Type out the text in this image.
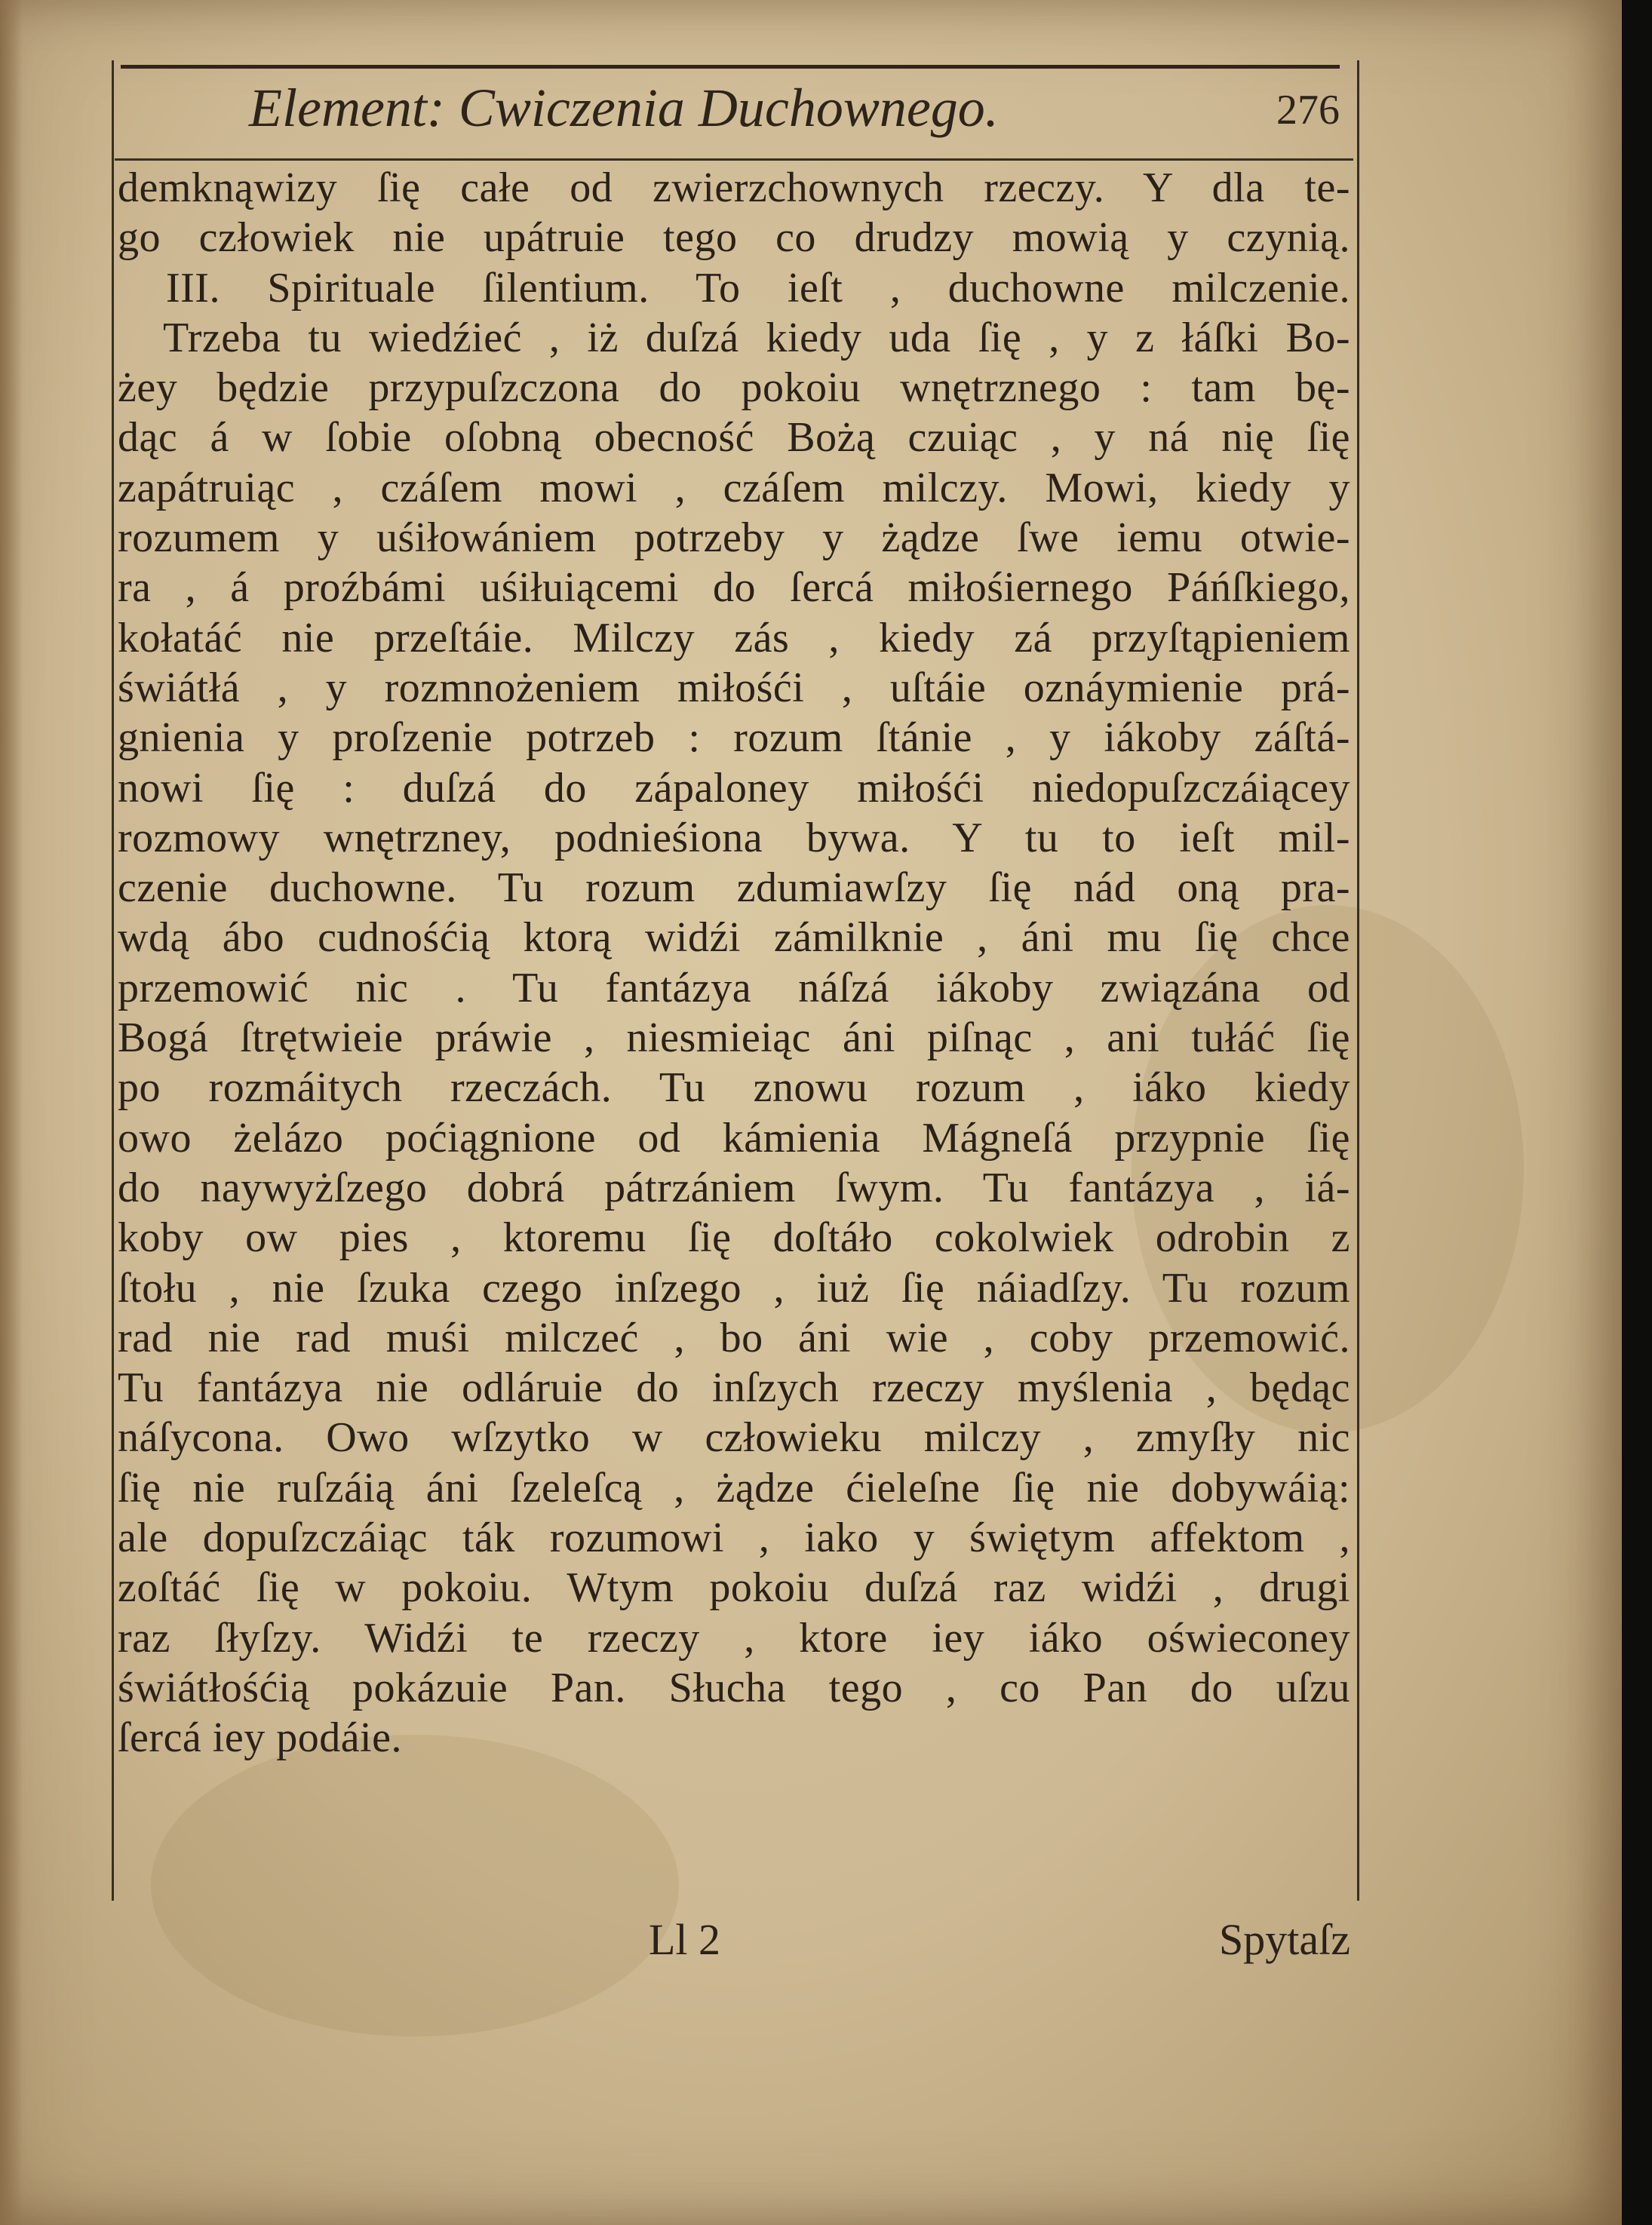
Element: Cwiczenia Duchownego.	276
demknąwizy ſię całe od zwierzchownych rzeczy. Y dla te-
go człowiek nie upátruie tego co drudzy mowią y czynią.
III. Spirituale ſilentium. To ieſt , duchowne milczenie.
Trzeba tu wiedźieć , iż duſzá kiedy uda ſię , y z łáſki Bo-
żey będzie przypuſzczona do pokoiu wnętrznego : tam bę-
dąc á w ſobie oſobną obecność Bożą czuiąc , y ná nię ſię
zapátruiąc , czáſem mowi , czáſem milczy. Mowi, kiedy y
rozumem y uśiłowániem potrzeby y żądze ſwe iemu otwie-
ra , á proźbámi uśiłuiącemi do ſercá miłośiernego Páńſkiego,
kołatáć nie przeſtáie. Milczy zás , kiedy zá przyſtąpieniem
świátłá , y rozmnożeniem miłośći , uſtáie oznáymienie prá-
gnienia y proſzenie potrzeb : rozum ſtánie , y iákoby záſtá-
nowi ſię : duſzá do zápaloney miłośći niedopuſzczáiącey
rozmowy wnętrzney, podnieśiona bywa. Y tu to ieſt mil-
czenie duchowne. Tu rozum zdumiawſzy ſię nád oną pra-
wdą ábo cudnośćią ktorą widźi zámilknie , áni mu ſię chce
przemowić nic . Tu fantázya náſzá iákoby związána od
Bogá ſtrętwieie práwie , niesmieiąc áni piſnąc , ani tułáć ſię
po rozmáitych rzeczách. Tu znowu rozum , iáko kiedy
owo żelázo poćiągnione od kámienia Mágneſá przypnie ſię
do naywyżſzego dobrá pátrzániem ſwym. Tu fantázya , iá-
koby ow pies , ktoremu ſię doſtáło cokolwiek odrobin z
ſtołu , nie ſzuka czego inſzego , iuż ſię náiadſzy. Tu rozum
rad nie rad muśi milczeć , bo áni wie , coby przemowić.
Tu fantázya nie odláruie do inſzych rzeczy myślenia , będąc
náſycona. Owo wſzytko w człowieku milczy , zmyſły nic
ſię nie ruſzáią áni ſzeleſcą , żądze ćieleſne ſię nie dobywáią:
ale dopuſzczáiąc ták rozumowi , iako y świętym affektom ,
zoſtáć ſię w pokoiu. Wtym pokoiu duſzá raz widźi , drugi
raz ſłyſzy. Widźi te rzeczy , ktore iey iáko oświeconey
świátłośćią pokázuie Pan. Słucha tego , co Pan do uſzu
ſercá iey podáie.
Ll 2	Spytaſz
